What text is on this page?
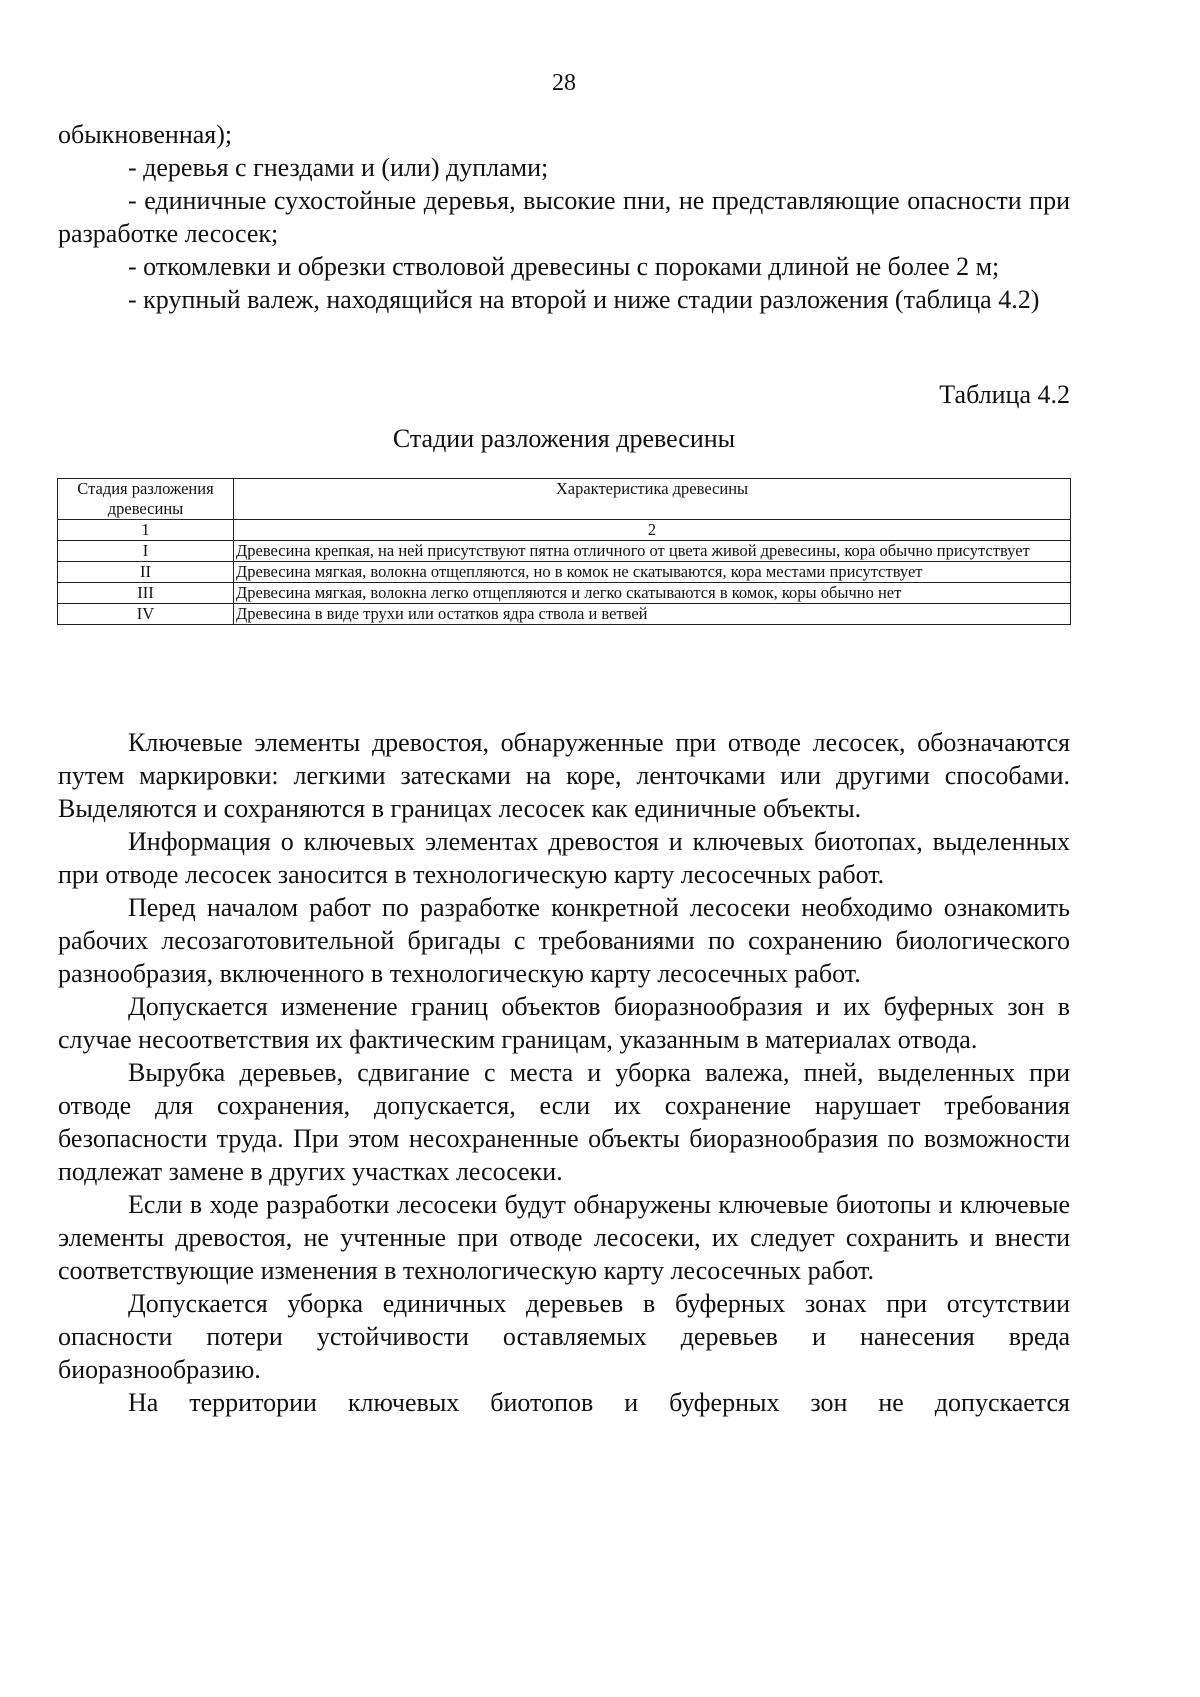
28

обыкновенная);

- деревья с гнездами и (или) дуплами;

- единичные сухостойные деревья, высокие пни, не представляющие опасности при разработке лесосек;

- откомлевки и обрезки стволовой древесины с пороками длиной не более 2 м;

- крупный валеж, находящийся на второй и ниже стадии разложения (таблица 4.2)

Таблица 4.2
Стадии разложения древесины
Стадия разложения древесины	Характеристика древесины
1	2
I	Древесина крепкая, на ней присутствуют пятна отличного от цвета живой древесины, кора обычно присутствует
II	Древесина мягкая, волокна отщепляются, но в комок не скатываются, кора местами присутствует
III	Древесина мягкая, волокна легко отщепляются и легко скатываются в комок, коры обычно нет
IV	Древесина в виде трухи или остатков ядра ствола и ветвей

Ключевые элементы древостоя, обнаруженные при отводе лесосек, обозначаются путем маркировки: легкими затесками на коре, ленточками или другими способами. Выделяются и сохраняются в границах лесосек как единичные объекты.

Информация о ключевых элементах древостоя и ключевых биотопах, выделенных при отводе лесосек заносится в технологическую карту лесосечных работ.

Перед началом работ по разработке конкретной лесосеки необходимо ознакомить рабочих лесозаготовительной бригады с требованиями по сохранению биологического разнообразия, включенного в технологическую карту лесосечных работ.

Допускается изменение границ объектов биоразнообразия и их буферных зон в случае несоответствия их фактическим границам, указанным в материалах отвода.

Вырубка деревьев, сдвигание с места и уборка валежа, пней, выделенных при отводе для сохранения, допускается, если их сохранение нарушает требования безопасности труда. При этом несохраненные объекты биоразнообразия по возможности подлежат замене в других участках лесосеки.

Если в ходе разработки лесосеки будут обнаружены ключевые биотопы и ключевые элементы древостоя, не учтенные при отводе лесосеки, их следует сохранить и внести соответствующие изменения в технологическую карту лесосечных работ.

Допускается уборка единичных деревьев в буферных зонах при отсутствии опасности потери устойчивости оставляемых деревьев и нанесения вреда биоразнообразию.

На территории ключевых биотопов и буферных зон не допускается
